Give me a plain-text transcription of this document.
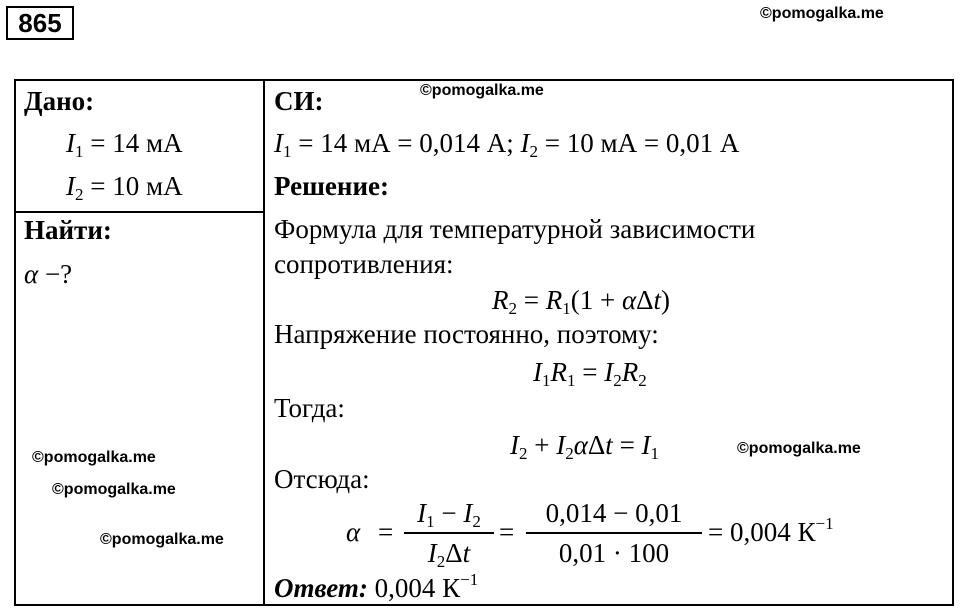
865	©pomogalka.me
©pomogalka.me
©pomogalka.me
©pomogalka.me
©pomogalka.me
©pomogalka.me
Дано:
$I_1 = 14$ мА
$I_2 = 10$ мА
Найти:
α −?
СИ:
$I_1 = 14$ мА = 0,014 А; $I_2 = 10$ мА = 0,01 А
Решение:
Формула для температурной зависимости
сопротивления:
$R_2 = R_1(1 + \alpha\Delta t)$
Напряжение постоянно, поэтому:
$I_1R_1 = I_2R_2$
Тогда:
$I_2 + I_2\alpha\Delta t = I_1$
Отсюда:
α =
$I_1 - I_2$
$I_2\Delta t$
=
0,014 − 0,01
0,01 · 100
= 0,004 $К^{-1}$
Ответ: 0,004 $К^{-1}$
